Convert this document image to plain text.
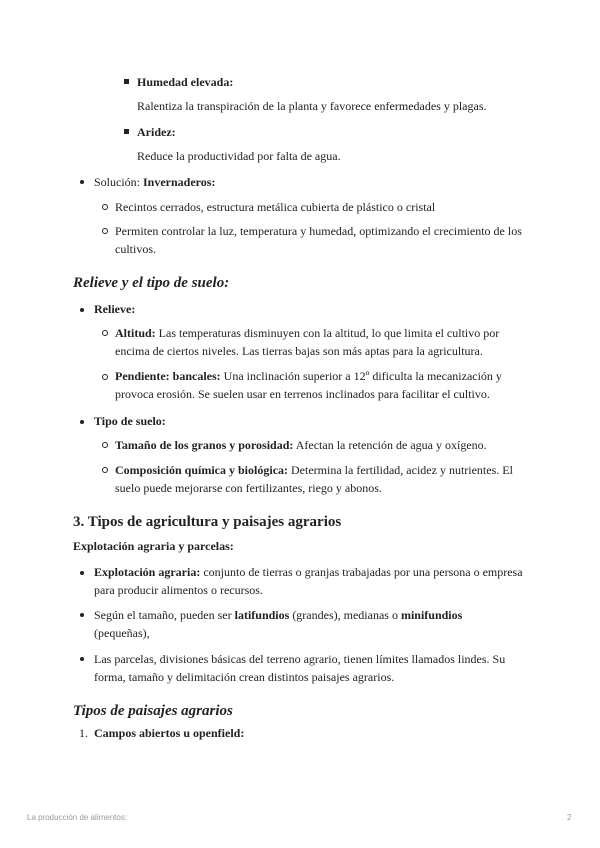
Humedad elevada:
Ralentiza la transpiración de la planta y favorece enfermedades y plagas.
Aridez:
Reduce la productividad por falta de agua.
Solución: Invernaderos:
Recintos cerrados, estructura metálica cubierta de plástico o cristal
Permiten controlar la luz, temperatura y humedad, optimizando el crecimiento de los
cultivos.
Relieve y el tipo de suelo:
Relieve:
Altitud: Las temperaturas disminuyen con la altitud, lo que limita el cultivo por
encima de ciertos niveles. Las tierras bajas son más aptas para la agricultura.
Pendiente: bancales: Una inclinación superior a 12º dificulta la mecanización y
provoca erosión. Se suelen usar en terrenos inclinados para facilitar el cultivo.
Tipo de suelo:
Tamaño de los granos y porosidad: Afectan la retención de agua y oxígeno.
Composición química y biológica: Determina la fertilidad, acidez y nutrientes. El
suelo puede mejorarse con fertilizantes, riego y abonos.
3. Tipos de agricultura y paisajes agrarios
Explotación agraria y parcelas:
Explotación agraria: conjunto de tierras o granjas trabajadas por una persona o empresa
para producir alimentos o recursos.
Según el tamaño, pueden ser latifundios (grandes), medianas o minifundios
(pequeñas),
Las parcelas, divisiones básicas del terreno agrario, tienen límites llamados lindes. Su
forma, tamaño y delimitación crean distintos paisajes agrarios.
Tipos de paisajes agrarios
1. Campos abiertos u openfield:
La producción de alimentos:	2
